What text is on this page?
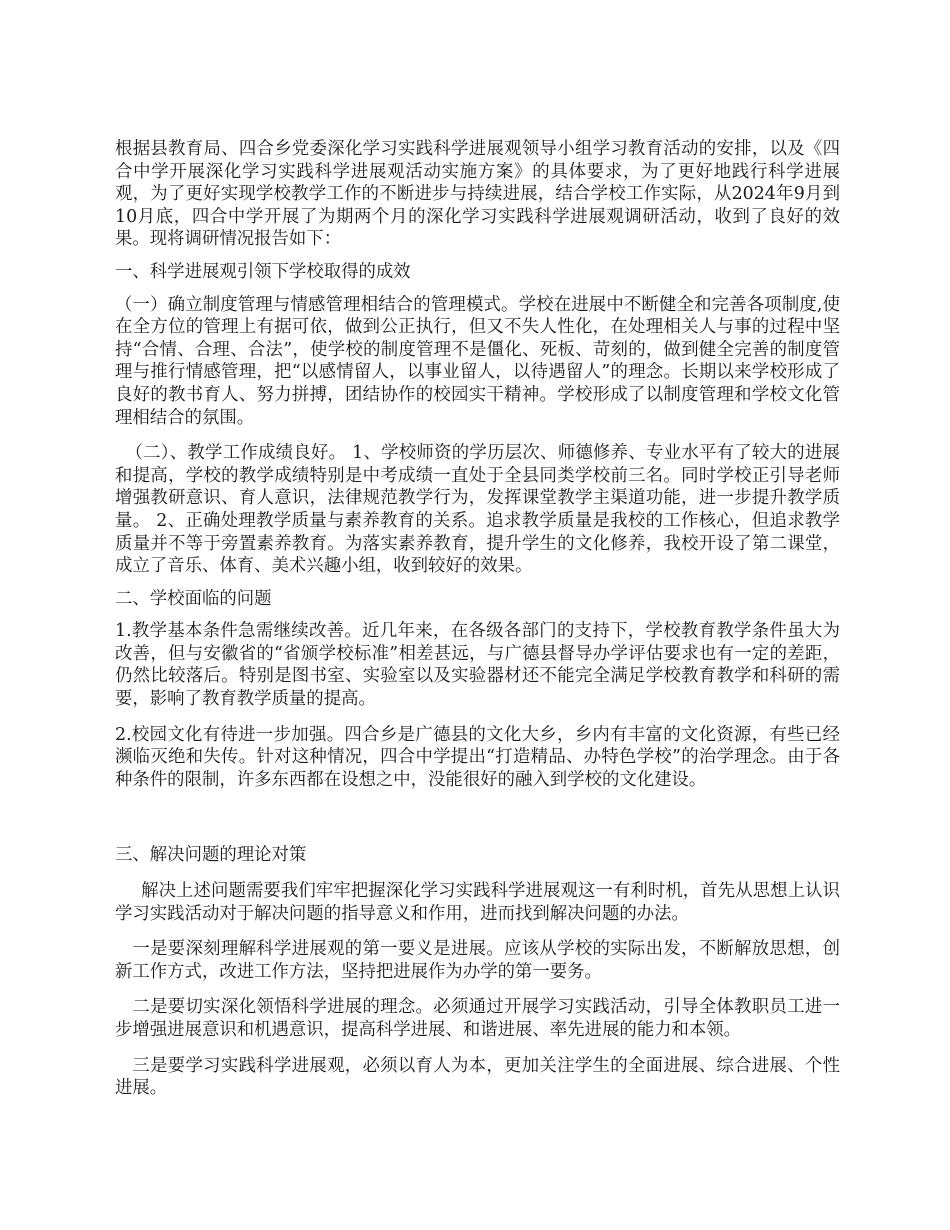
根据县教育局、四合乡党委深化学习实践科学进展观领导小组学习教育活动的安排，以及《四合中学开展深化学习实践科学进展观活动实施方案》的具体要求，为了更好地践行科学进展观，为了更好实现学校教学工作的不断进步与持续进展，结合学校工作实际，从2024年9月到10月底，四合中学开展了为期两个月的深化学习实践科学进展观调研活动，收到了良好的效果。现将调研情况报告如下：

一、科学进展观引领下学校取得的成效

（一）确立制度管理与情感管理相结合的管理模式。学校在进展中不断健全和完善各项制度,使在全方位的管理上有据可依，做到公正执行，但又不失人性化，在处理相关人与事的过程中坚持“合情、合理、合法”，使学校的制度管理不是僵化、死板、苛刻的，做到健全完善的制度管理与推行情感管理，把“以感情留人，以事业留人，以待遇留人”的理念。长期以来学校形成了良好的教书育人、努力拼搏，团结协作的校园实干精神。学校形成了以制度管理和学校文化管理相结合的氛围。

（二）、教学工作成绩良好。 1、学校师资的学历层次、师德修养、专业水平有了较大的进展和提高，学校的教学成绩特别是中考成绩一直处于全县同类学校前三名。同时学校正引导老师增强教研意识、育人意识，法律规范教学行为，发挥课堂教学主渠道功能，进一步提升教学质量。 2、正确处理教学质量与素养教育的关系。追求教学质量是我校的工作核心，但追求教学质量并不等于旁置素养教育。为落实素养教育，提升学生的文化修养，我校开设了第二课堂，成立了音乐、体育、美术兴趣小组，收到较好的效果。

二、学校面临的问题

1.教学基本条件急需继续改善。近几年来，在各级各部门的支持下，学校教育教学条件虽大为改善，但与安徽省的“省颁学校标准”相差甚远，与广德县督导办学评估要求也有一定的差距，仍然比较落后。特别是图书室、实验室以及实验器材还不能完全满足学校教育教学和科研的需要，影响了教育教学质量的提高。

2.校园文化有待进一步加强。四合乡是广德县的文化大乡，乡内有丰富的文化资源，有些已经濒临灭绝和失传。针对这种情况，四合中学提出“打造精品、办特色学校”的治学理念。由于各种条件的限制，许多东西都在设想之中，没能很好的融入到学校的文化建设。

三、解决问题的理论对策

解决上述问题需要我们牢牢把握深化学习实践科学进展观这一有利时机，首先从思想上认识学习实践活动对于解决问题的指导意义和作用，进而找到解决问题的办法。

一是要深刻理解科学进展观的第一要义是进展。应该从学校的实际出发，不断解放思想，创新工作方式，改进工作方法，坚持把进展作为办学的第一要务。

二是要切实深化领悟科学进展的理念。必须通过开展学习实践活动，引导全体教职员工进一步增强进展意识和机遇意识，提高科学进展、和谐进展、率先进展的能力和本领。

三是要学习实践科学进展观，必须以育人为本，更加关注学生的全面进展、综合进展、个性进展。
